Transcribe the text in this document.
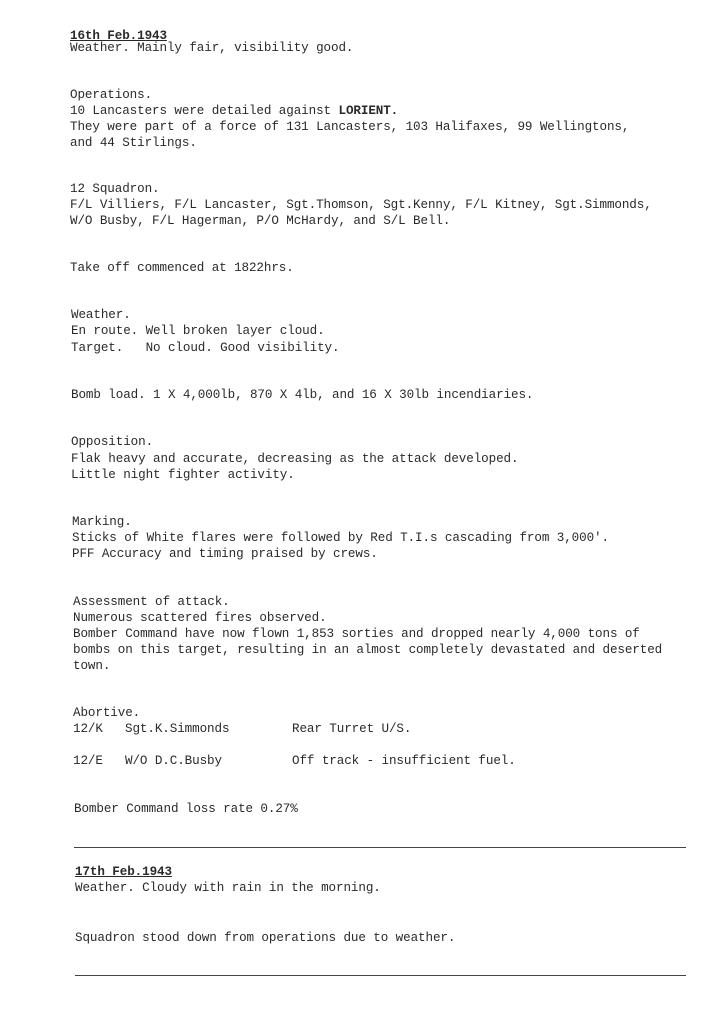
16th Feb.1943
Weather. Mainly fair, visibility good.
Operations.
10 Lancasters were detailed against LORIENT.
They were part of a force of 131 Lancasters, 103 Halifaxes, 99 Wellingtons,
and 44 Stirlings.
12 Squadron.
F/L Villiers, F/L Lancaster, Sgt.Thomson, Sgt.Kenny, F/L Kitney, Sgt.Simmonds,
W/O Busby, F/L Hagerman, P/O McHardy, and S/L Bell.
Take off commenced at 1822hrs.
Weather.
En route. Well broken layer cloud.
Target.   No cloud. Good visibility.
Bomb load. 1 X 4,000lb, 870 X 4lb, and 16 X 30lb incendiaries.
Opposition.
Flak heavy and accurate, decreasing as the attack developed.
Little night fighter activity.
Marking.
Sticks of White flares were followed by Red T.I.s cascading from 3,000'.
PFF Accuracy and timing praised by crews.
Assessment of attack.
Numerous scattered fires observed.
Bomber Command have now flown 1,853 sorties and dropped nearly 4,000 tons of
bombs on this target, resulting in an almost completely devastated and deserted
town.
Abortive.
12/K Sgt.K.Simmonds	Rear Turret U/S.
12/E W/O D.C.Busby	Off track - insufficient fuel.
Bomber Command loss rate 0.27%
17th Feb.1943
Weather. Cloudy with rain in the morning.
Squadron stood down from operations due to weather.
